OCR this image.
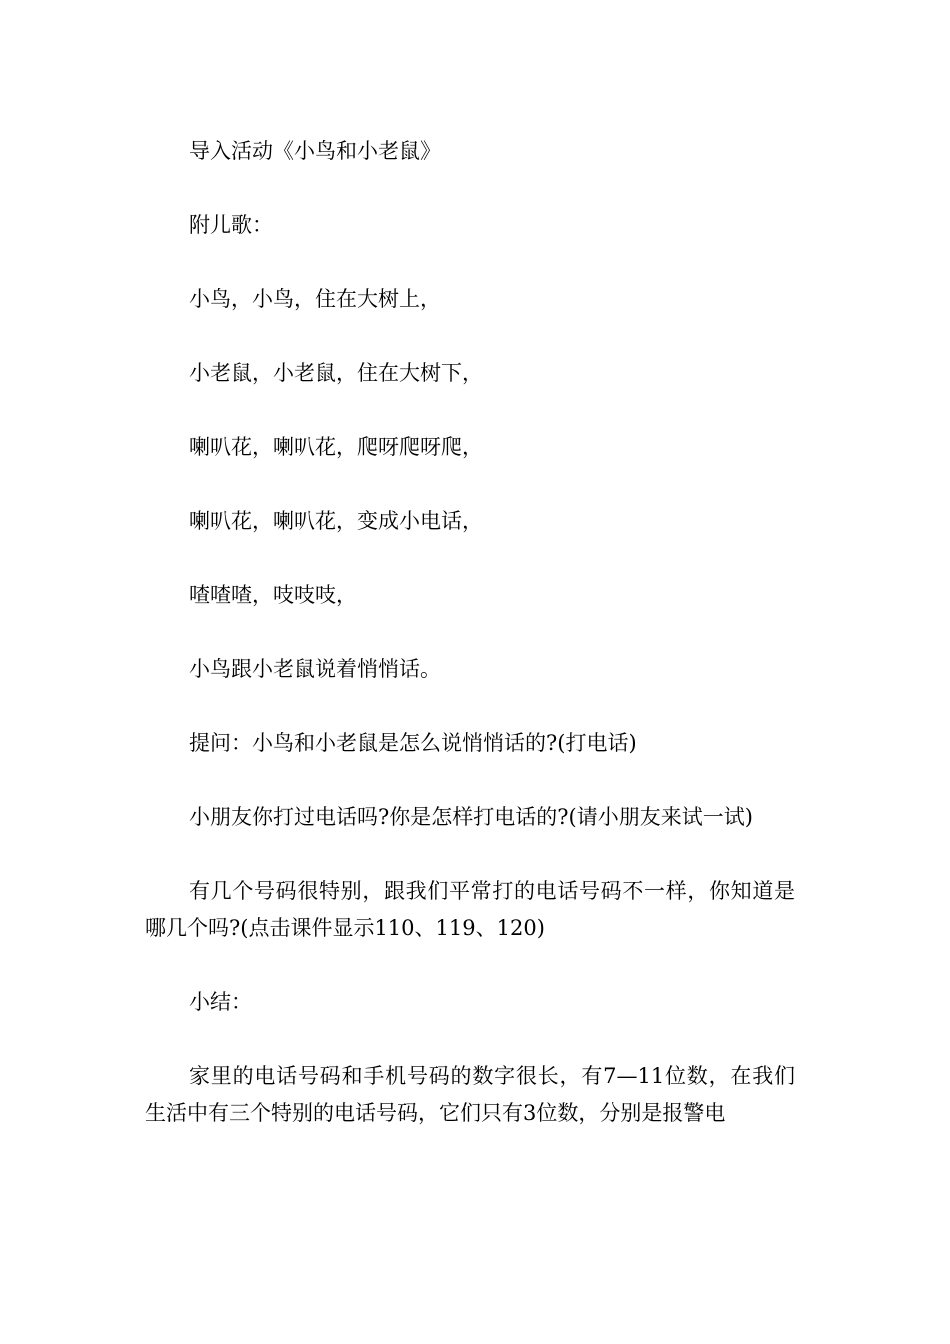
导入活动《小鸟和小老鼠》

附儿歌：

小鸟，小鸟，住在大树上，

小老鼠，小老鼠，住在大树下，

喇叭花，喇叭花，爬呀爬呀爬，

喇叭花，喇叭花，变成小电话，

喳喳喳，吱吱吱，

小鸟跟小老鼠说着悄悄话。

提问：小鸟和小老鼠是怎么说悄悄话的?(打电话)

小朋友你打过电话吗?你是怎样打电话的?(请小朋友来试一试)

有几个号码很特别，跟我们平常打的电话号码不一样，你知道是哪几个吗?(点击课件显示110、119、120)

小结：

家里的电话号码和手机号码的数字很长，有7—11位数，在我们生活中有三个特别的电话号码，它们只有3位数，分别是报警电
